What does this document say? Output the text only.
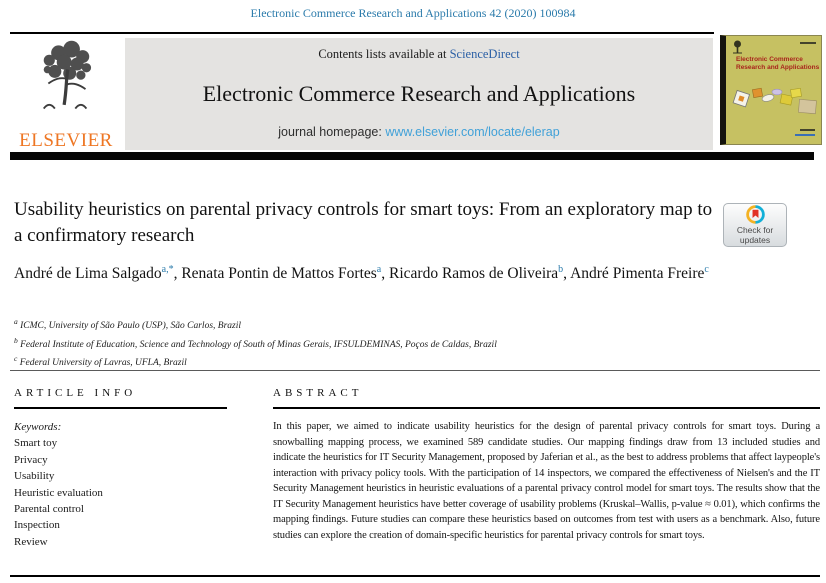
Electronic Commerce Research and Applications 42 (2020) 100984
ELSEVIER
Contents lists available at ScienceDirect
Electronic Commerce Research and Applications
journal homepage: www.elsevier.com/locate/elerap
Electronic Commerce Research and Applications
Usability heuristics on parental privacy controls for smart toys: From an exploratory map to a confirmatory research	Check for updates
André de Lima Salgado$^{a,*}$, Renata Pontin de Mattos Fortes$^a$, Ricardo Ramos de Oliveira$^b$, André Pimenta Freire$^c$
$^a$ ICMC, University of São Paulo (USP), São Carlos, Brazil
$^b$ Federal Institute of Education, Science and Technology of South of Minas Gerais, IFSULDEMINAS, Poços de Caldas, Brazil
$^c$ Federal University of Lavras, UFLA, Brazil
ARTICLE INFO
Keywords:
Smart toy
Privacy
Usability
Heuristic evaluation
Parental control
Inspection
Review
ABSTRACT

In this paper, we aimed to indicate usability heuristics for the design of parental privacy controls for smart toys. During a snowballing mapping process, we examined 589 candidate studies. Our mapping findings draw from 13 included studies and indicate the heuristics for IT Security Management, proposed by Jaferian et al., as the best to address problems that affect laypeople's interaction with privacy policy tools. With the participation of 14 inspectors, we compared the effectiveness of Nielsen's and the IT Security Management heuristics in heuristic evaluations of a parental privacy control model for smart toys. The results show that the IT Security Management heuristics have better coverage of usability problems (Kruskal–Wallis, p-value ≈ 0.01), which confirms the mapping findings. Future studies can compare these heuristics based on outcomes from test with users as a benchmark. Also, future studies can explore the creation of domain-specific heuristics for parental privacy controls for smart toys.
